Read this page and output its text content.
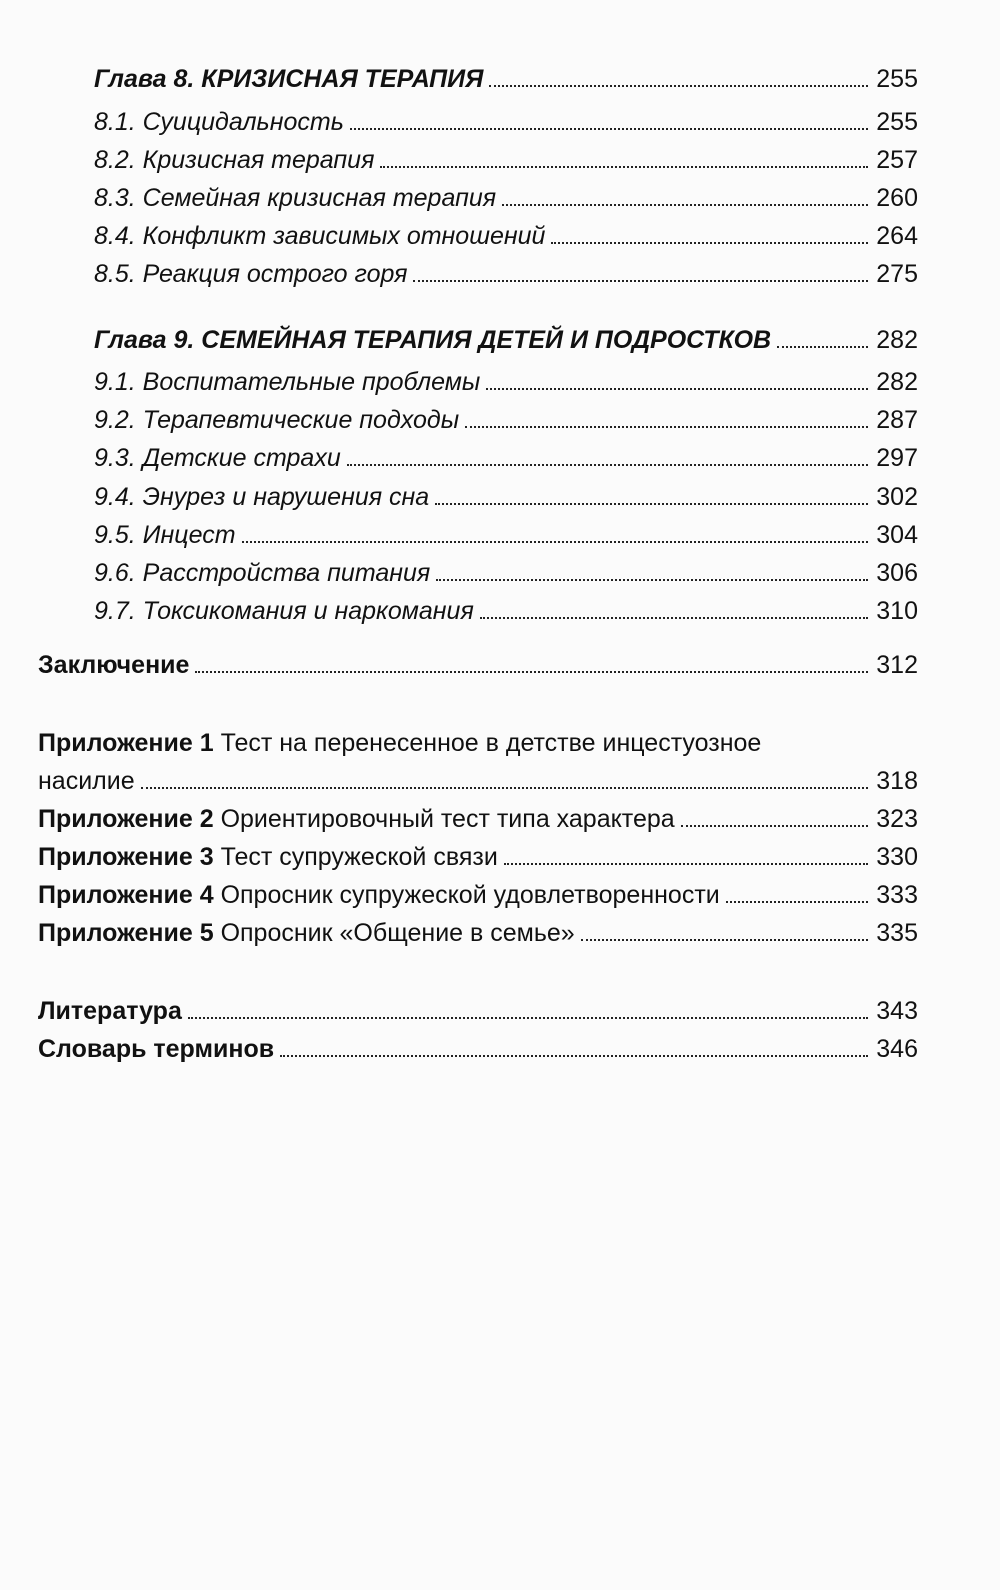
Глава 8. КРИЗИСНАЯ ТЕРАПИЯ	255
8.1. Суицидальность	255
8.2. Кризисная терапия	257
8.3. Семейная кризисная терапия	260
8.4. Конфликт зависимых отношений	264
8.5. Реакция острого горя	275
Глава 9. СЕМЕЙНАЯ ТЕРАПИЯ ДЕТЕЙ И ПОДРОСТКОВ	282
9.1. Воспитательные проблемы	282
9.2. Терапевтические подходы	287
9.3. Детские страхи	297
9.4. Энурез и нарушения сна	302
9.5. Инцест	304
9.6. Расстройства питания	306
9.7. Токсикомания и наркомания	310
Заключение	312
Приложение 1 Тест на перенесенное в детстве инцестуозное
насилие	318
Приложение 2 Ориентировочный тест типа характера	323
Приложение 3 Тест супружеской связи	330
Приложение 4 Опросник супружеской удовлетворенности	333
Приложение 5 Опросник «Общение в семье»	335
Литература	343
Словарь терминов	346
